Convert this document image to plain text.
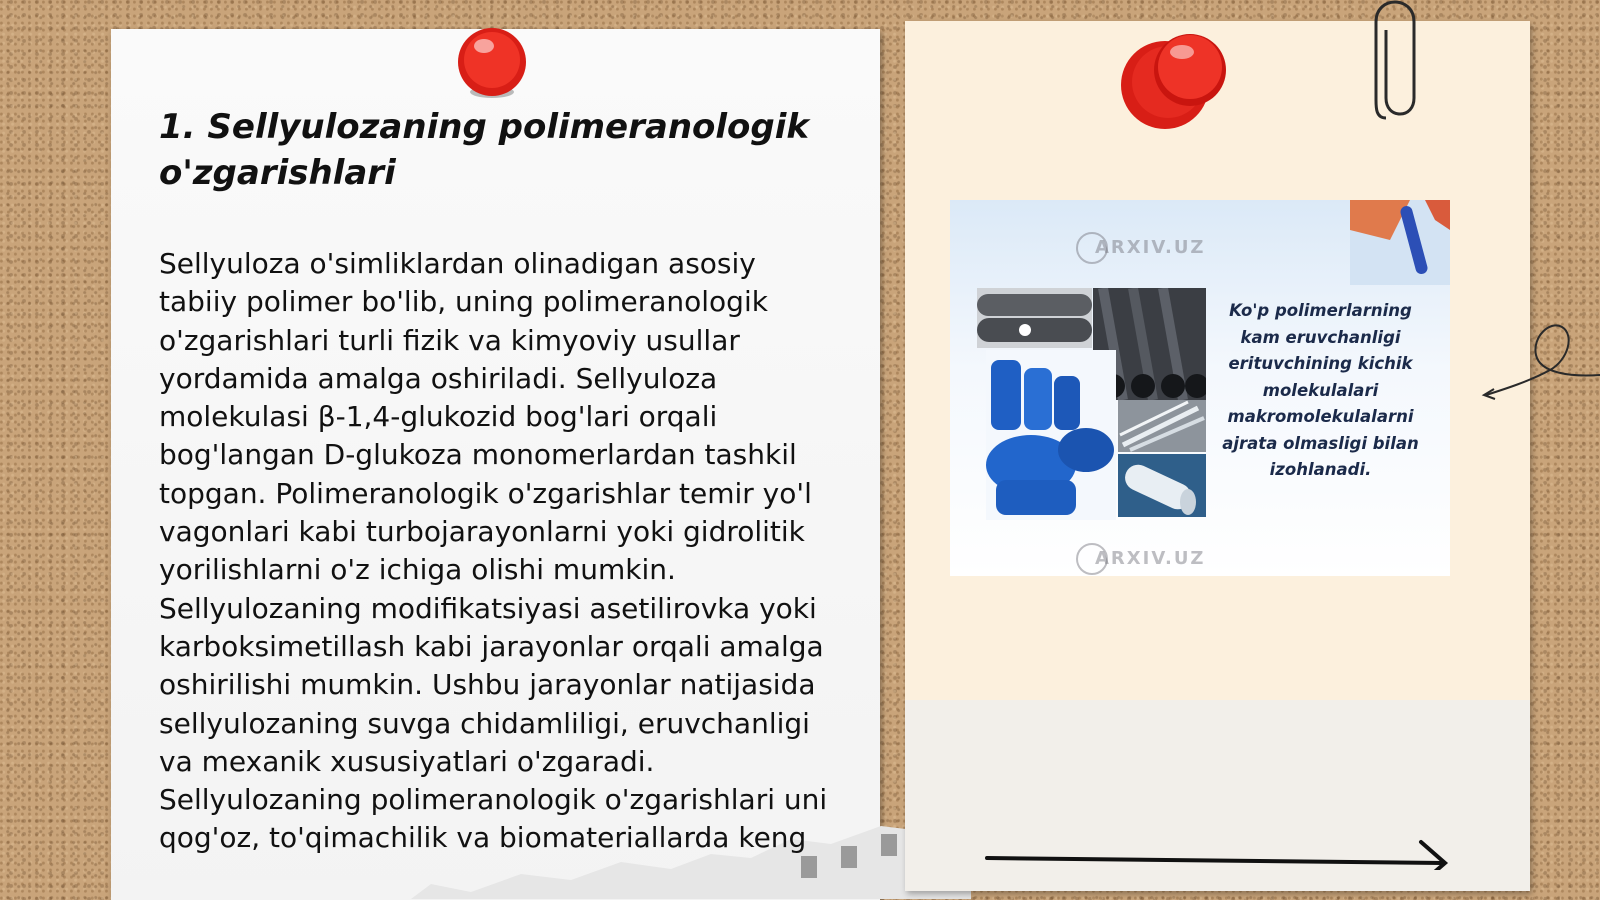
1. Sellyulozaning polimeranologik o'zgarishlari

Sellyuloza o'simliklardan olinadigan asosiy tabiiy polimer bo'lib, uning polimeranologik o'zgarishlari turli fizik va kimyoviy usullar yordamida amalga oshiriladi. Sellyuloza molekulasi β-1,4-glukozid bog'lari orqali bog'langan D-glukoza monomerlardan tashkil topgan. Polimeranologik o'zgarishlar temir yo'l vagonlari kabi turbojarayonlarni yoki gidrolitik yorilishlarni o'z ichiga olishi mumkin. Sellyulozaning modifikatsiyasi asetilirovka yoki karboksimetillash kabi jarayonlar orqali amalga oshirilishi mumkin. Ushbu jarayonlar natijasida sellyulozaning suvga chidamliligi, eruvchanligi va mexanik xususiyatlari o'zgaradi. Sellyulozaning polimeranologik o'zgarishlari uni qog'oz, to'qimachilik va biomateriallarda keng

ARXIV.UZ
ARXIV.UZ

Ko'p polimerlarning kam eruvchanligi erituvchining kichik molekulalari makromolekulalarni ajrata olmasligi bilan izohlanadi.
